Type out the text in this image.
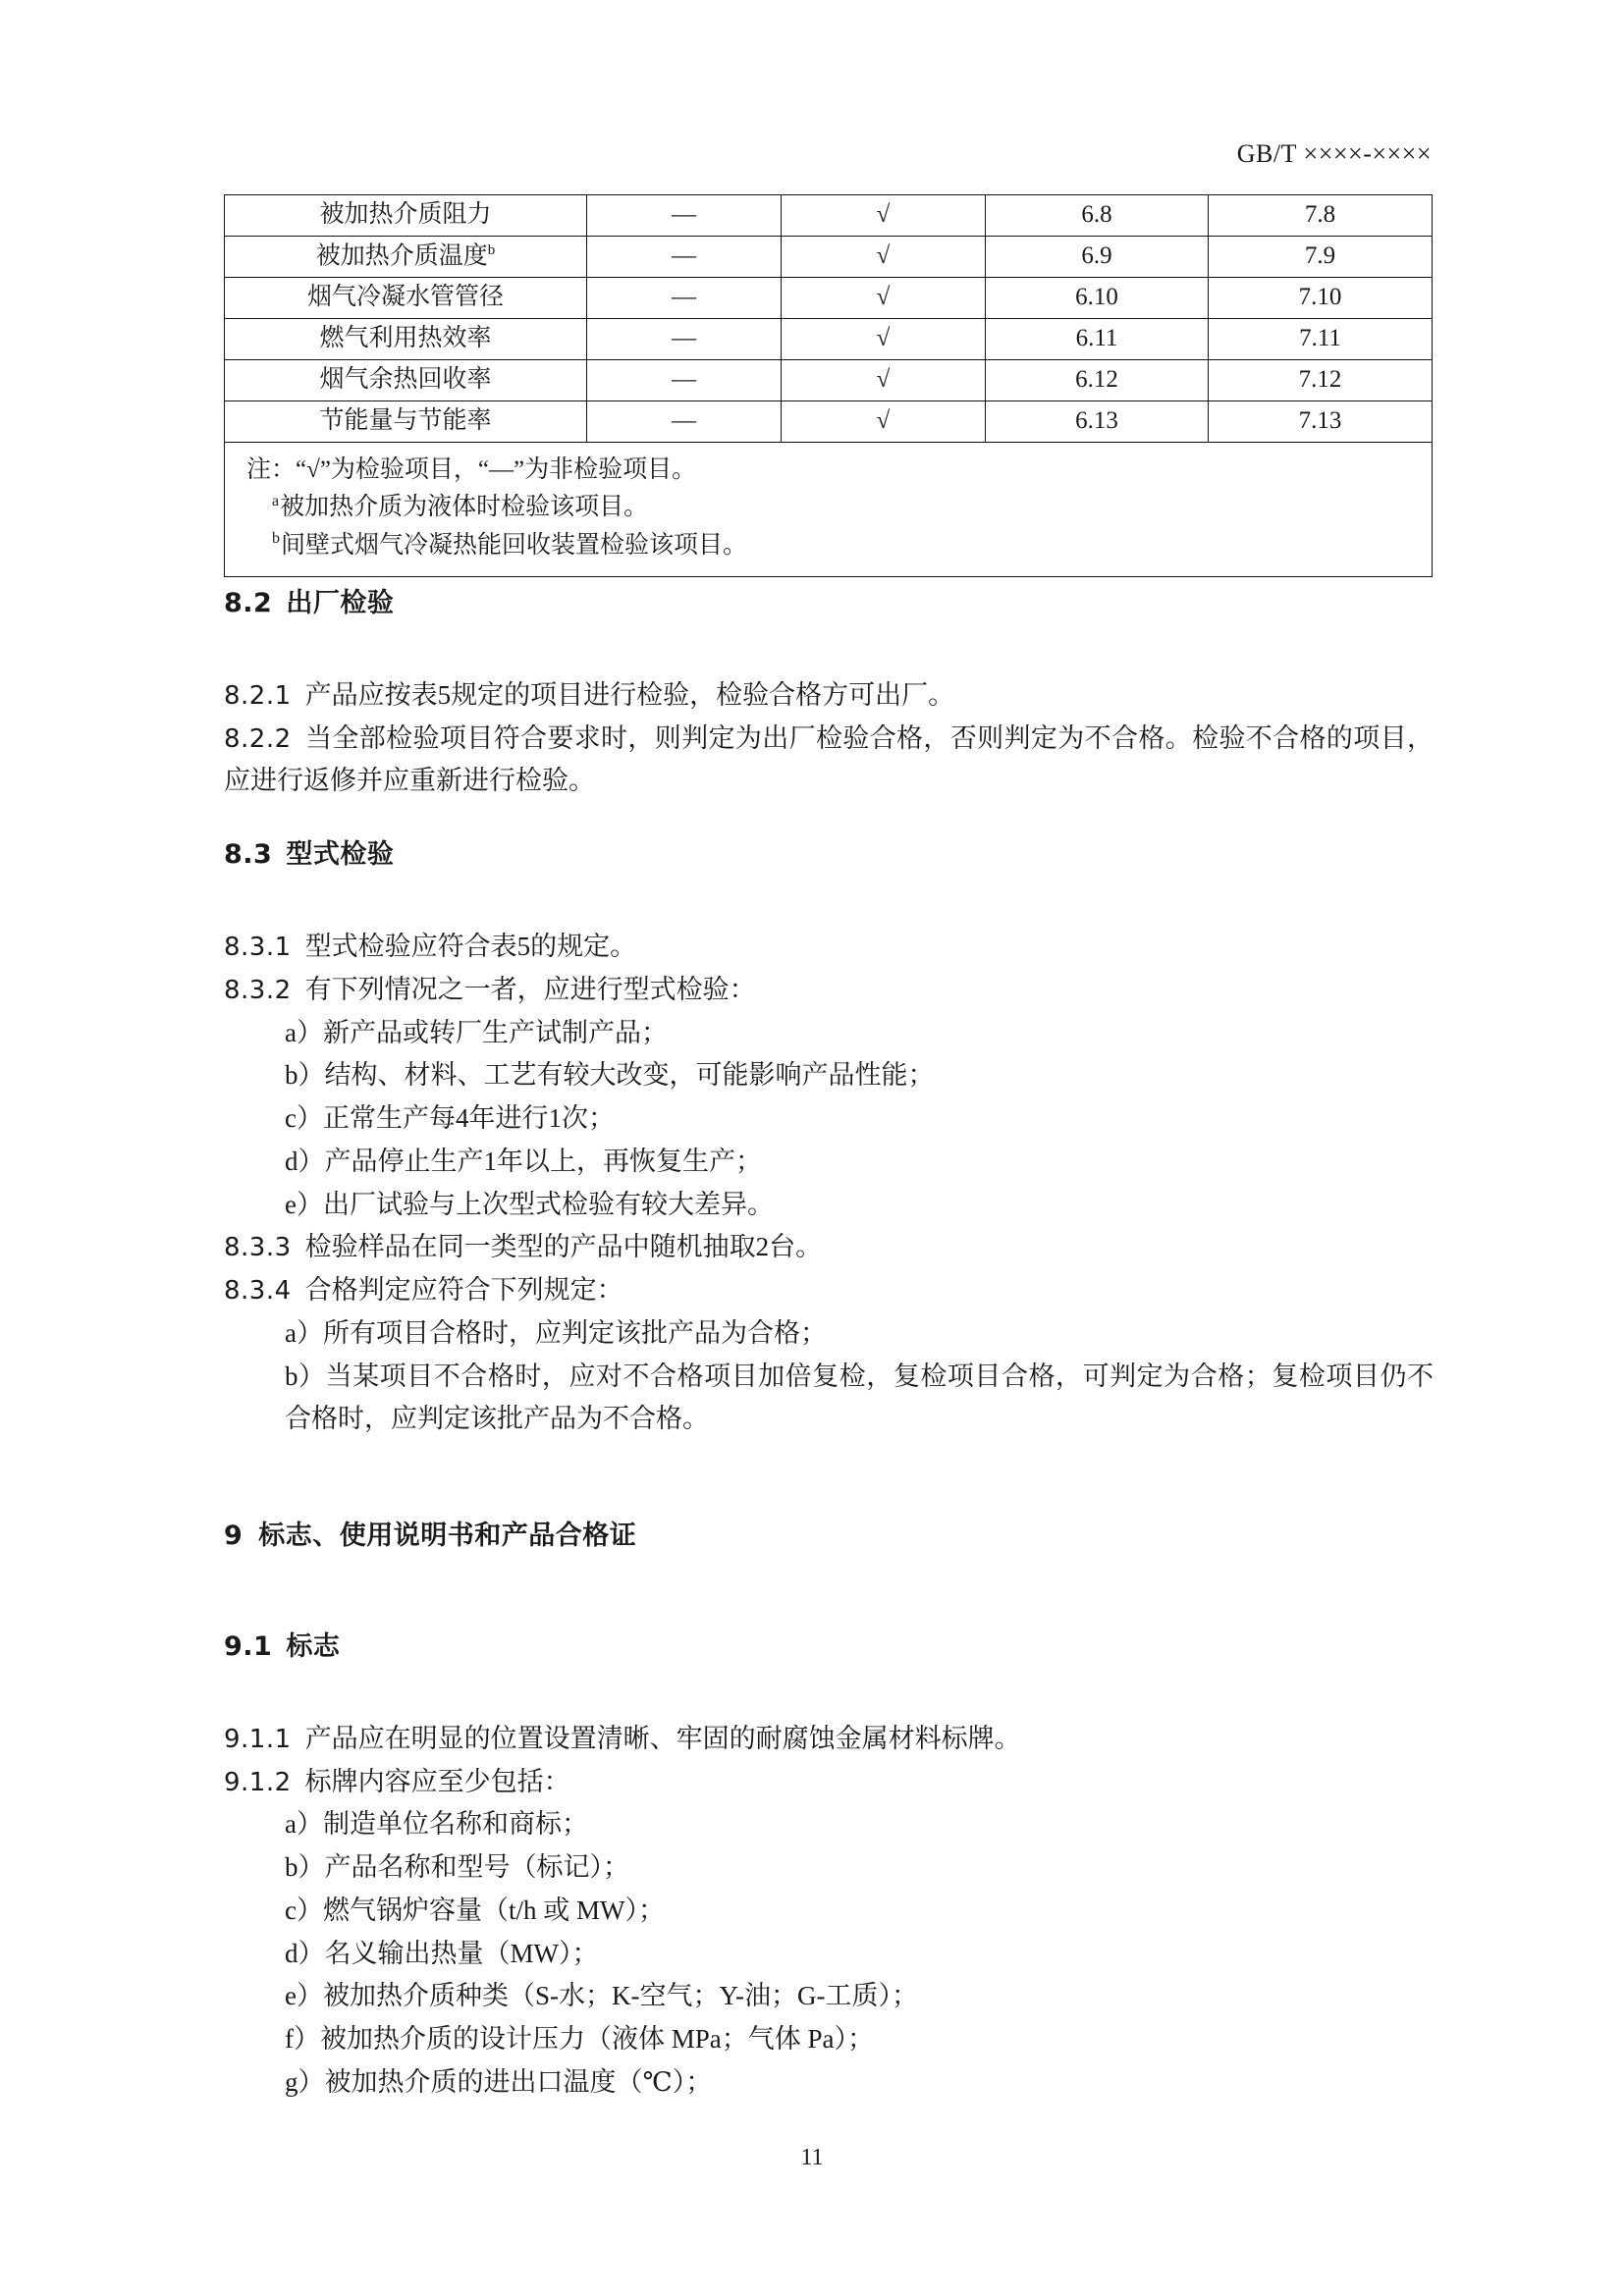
GB/T ××××-××××
被加热介质阻力	—	√	6.8	7.8
被加热介质温度$^b$	—	√	6.9	7.9
烟气冷凝水管管径	—	√	6.10	7.10
燃气利用热效率	—	√	6.11	7.11
烟气余热回收率	—	√	6.12	7.12
节能量与节能率	—	√	6.13	7.13

注：“√”为检验项目，“—”为非检验项目。
$^a$被加热介质为液体时检验该项目。
$^b$间壁式烟气冷凝热能回收装置检验该项目。				
8.2 出厂检验

8.2.1 产品应按表5规定的项目进行检验，检验合格方可出厂。

8.2.2 当全部检验项目符合要求时，则判定为出厂检验合格，否则判定为不合格。检验不合格的项目，应进行返修并应重新进行检验。

8.3 型式检验

8.3.1 型式检验应符合表5的规定。

8.3.2 有下列情况之一者，应进行型式检验：

a）新产品或转厂生产试制产品；

b）结构、材料、工艺有较大改变，可能影响产品性能；

c）正常生产每4年进行1次；

d）产品停止生产1年以上，再恢复生产；

e）出厂试验与上次型式检验有较大差异。

8.3.3 检验样品在同一类型的产品中随机抽取2台。

8.3.4 合格判定应符合下列规定：

a）所有项目合格时，应判定该批产品为合格；

b）当某项目不合格时，应对不合格项目加倍复检，复检项目合格，可判定为合格；复检项目仍不合格时，应判定该批产品为不合格。

9 标志、使用说明书和产品合格证
9.1 标志

9.1.1 产品应在明显的位置设置清晰、牢固的耐腐蚀金属材料标牌。

9.1.2 标牌内容应至少包括：

a）制造单位名称和商标；

b）产品名称和型号（标记）；

c）燃气锅炉容量（t/h 或 MW）；

d）名义输出热量（MW）；

e）被加热介质种类（S-水；K-空气；Y-油；G-工质）；

f）被加热介质的设计压力（液体 MPa；气体 Pa）；

g）被加热介质的进出口温度（℃）；

11
